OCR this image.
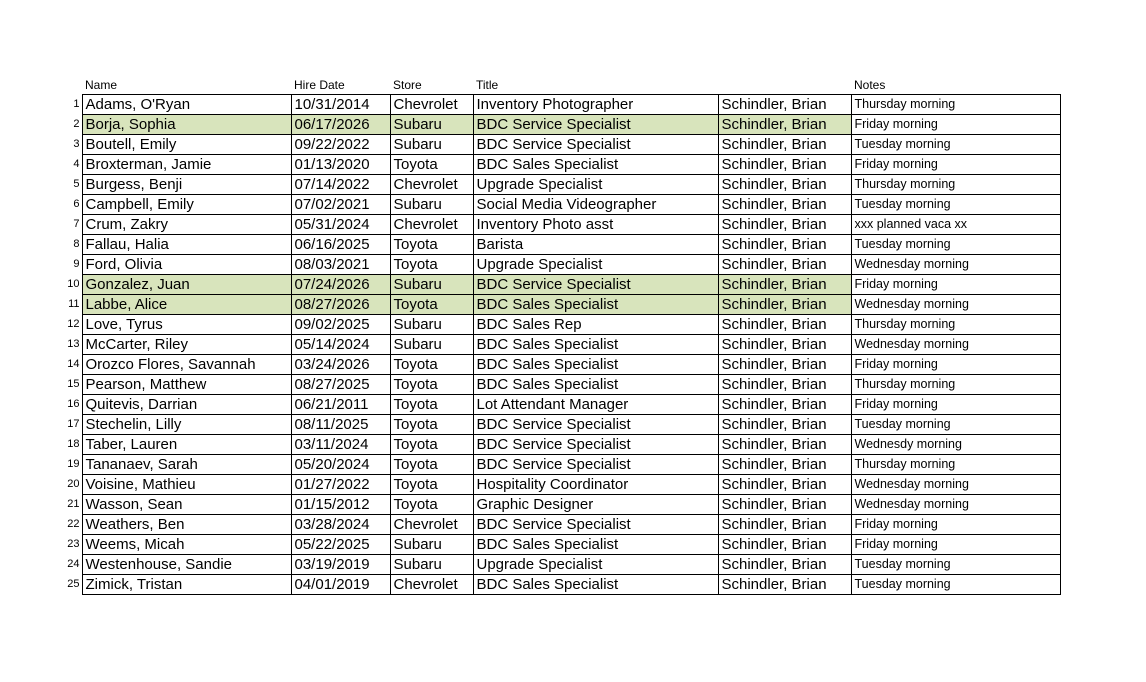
	Name	Hire Date	Store	Title		Notes
1	Adams, O'Ryan	10/31/2014	Chevrolet	Inventory Photographer	Schindler, Brian	Thursday morning
2	Borja, Sophia	06/17/2026	Subaru	BDC Service Specialist	Schindler, Brian	Friday morning
3	Boutell, Emily	09/22/2022	Subaru	BDC Service Specialist	Schindler, Brian	Tuesday morning
4	Broxterman, Jamie	01/13/2020	Toyota	BDC Sales Specialist	Schindler, Brian	Friday morning
5	Burgess, Benji	07/14/2022	Chevrolet	Upgrade Specialist	Schindler, Brian	Thursday morning
6	Campbell, Emily	07/02/2021	Subaru	Social Media Videographer	Schindler, Brian	Tuesday morning
7	Crum, Zakry	05/31/2024	Chevrolet	Inventory Photo asst	Schindler, Brian	xxx planned vaca xx
8	Fallau, Halia	06/16/2025	Toyota	Barista	Schindler, Brian	Tuesday morning
9	Ford, Olivia	08/03/2021	Toyota	Upgrade Specialist	Schindler, Brian	Wednesday morning
10	Gonzalez, Juan	07/24/2026	Subaru	BDC Service Specialist	Schindler, Brian	Friday morning
11	Labbe, Alice	08/27/2026	Toyota	BDC Sales Specialist	Schindler, Brian	Wednesday morning
12	Love, Tyrus	09/02/2025	Subaru	BDC Sales Rep	Schindler, Brian	Thursday morning
13	McCarter, Riley	05/14/2024	Subaru	BDC Sales Specialist	Schindler, Brian	Wednesday morning
14	Orozco Flores, Savannah	03/24/2026	Toyota	BDC Sales Specialist	Schindler, Brian	Friday morning
15	Pearson, Matthew	08/27/2025	Toyota	BDC Sales Specialist	Schindler, Brian	Thursday morning
16	Quitevis, Darrian	06/21/2011	Toyota	Lot Attendant Manager	Schindler, Brian	Friday morning
17	Stechelin, Lilly	08/11/2025	Toyota	BDC Service Specialist	Schindler, Brian	Tuesday morning
18	Taber, Lauren	03/11/2024	Toyota	BDC Service Specialist	Schindler, Brian	Wednesdy morning
19	Tananaev, Sarah	05/20/2024	Toyota	BDC Service Specialist	Schindler, Brian	Thursday morning
20	Voisine, Mathieu	01/27/2022	Toyota	Hospitality Coordinator	Schindler, Brian	Wednesday morning
21	Wasson, Sean	01/15/2012	Toyota	Graphic Designer	Schindler, Brian	Wednesday morning
22	Weathers, Ben	03/28/2024	Chevrolet	BDC Service Specialist	Schindler, Brian	Friday morning
23	Weems, Micah	05/22/2025	Subaru	BDC Sales Specialist	Schindler, Brian	Friday morning
24	Westenhouse, Sandie	03/19/2019	Subaru	Upgrade Specialist	Schindler, Brian	Tuesday morning
25	Zimick, Tristan	04/01/2019	Chevrolet	BDC Sales Specialist	Schindler, Brian	Tuesday morning
